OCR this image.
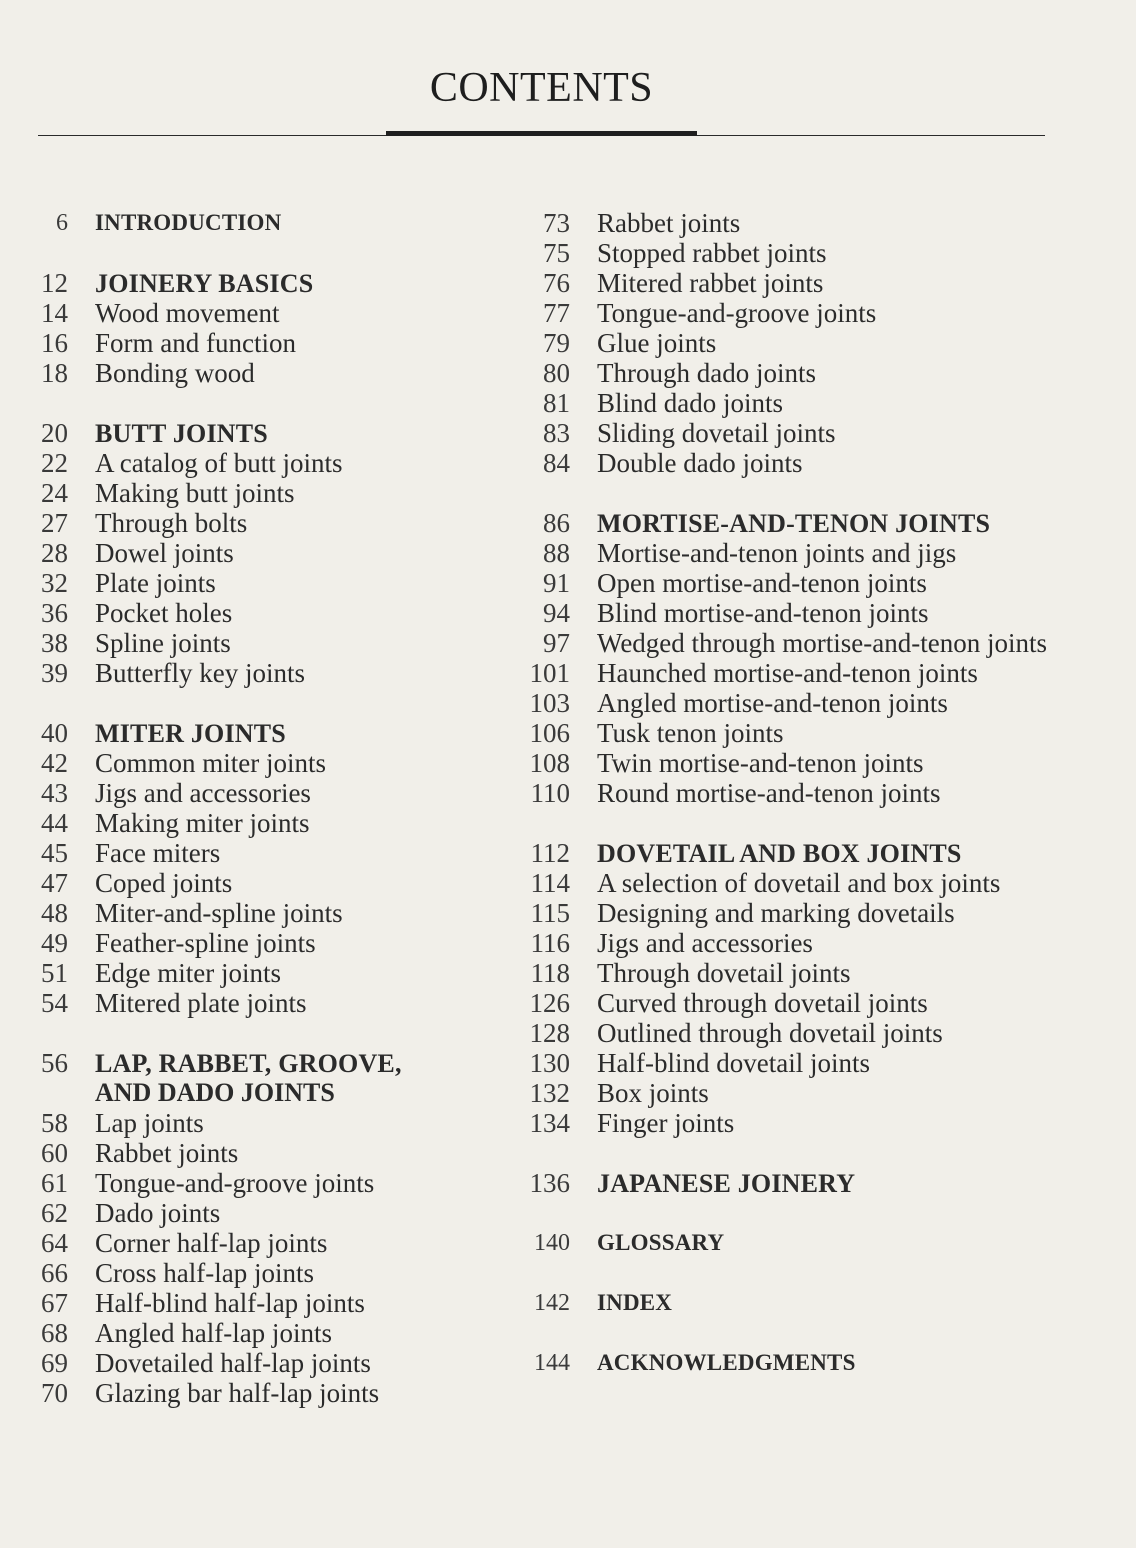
CONTENTS
6 INTRODUCTION
12 JOINERY BASICS
14 Wood movement
16 Form and function
18 Bonding wood
20 BUTT JOINTS
22 A catalog of butt joints
24 Making butt joints
27 Through bolts
28 Dowel joints
32 Plate joints
36 Pocket holes
38 Spline joints
39 Butterfly key joints
40 MITER JOINTS
42 Common miter joints
43 Jigs and accessories
44 Making miter joints
45 Face miters
47 Coped joints
48 Miter-and-spline joints
49 Feather-spline joints
51 Edge miter joints
54 Mitered plate joints
56 LAP, RABBET, GROOVE,
AND DADO JOINTS
58 Lap joints
60 Rabbet joints
61 Tongue-and-groove joints
62 Dado joints
64 Corner half-lap joints
66 Cross half-lap joints
67 Half-blind half-lap joints
68 Angled half-lap joints
69 Dovetailed half-lap joints
70 Glazing bar half-lap joints
73 Rabbet joints
75 Stopped rabbet joints
76 Mitered rabbet joints
77 Tongue-and-groove joints
79 Glue joints
80 Through dado joints
81 Blind dado joints
83 Sliding dovetail joints
84 Double dado joints
86 MORTISE-AND-TENON JOINTS
88 Mortise-and-tenon joints and jigs
91 Open mortise-and-tenon joints
94 Blind mortise-and-tenon joints
97 Wedged through mortise-and-tenon joints
101 Haunched mortise-and-tenon joints
103 Angled mortise-and-tenon joints
106 Tusk tenon joints
108 Twin mortise-and-tenon joints
110 Round mortise-and-tenon joints
112 DOVETAIL AND BOX JOINTS
114 A selection of dovetail and box joints
115 Designing and marking dovetails
116 Jigs and accessories
118 Through dovetail joints
126 Curved through dovetail joints
128 Outlined through dovetail joints
130 Half-blind dovetail joints
132 Box joints
134 Finger joints
136 JAPANESE JOINERY
140 GLOSSARY
142 INDEX
144 ACKNOWLEDGMENTS
